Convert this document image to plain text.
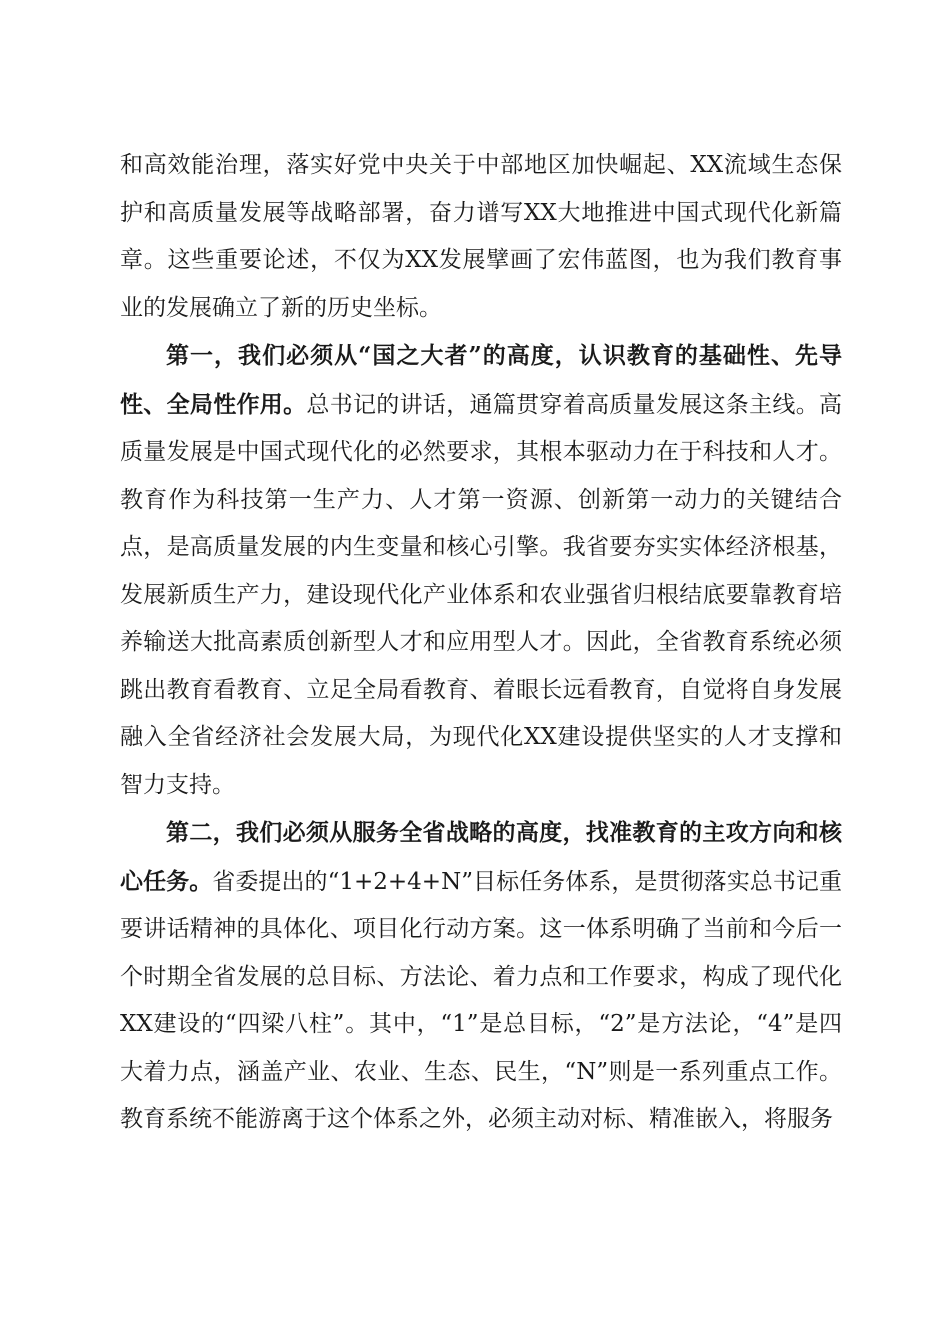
和高效能治理，落实好党中央关于中部地区加快崛起、XX流域生态保护和高质量发展等战略部署，奋力谱写XX大地推进中国式现代化新篇章。这些重要论述，不仅为XX发展擘画了宏伟蓝图，也为我们教育事业的发展确立了新的历史坐标。

第一，我们必须从“国之大者”的高度，认识教育的基础性、先导性、全局性作用。总书记的讲话，通篇贯穿着高质量发展这条主线。高质量发展是中国式现代化的必然要求，其根本驱动力在于科技和人才。教育作为科技第一生产力、人才第一资源、创新第一动力的关键结合点，是高质量发展的内生变量和核心引擎。我省要夯实实体经济根基，发展新质生产力，建设现代化产业体系和农业强省归根结底要靠教育培养输送大批高素质创新型人才和应用型人才。因此，全省教育系统必须跳出教育看教育、立足全局看教育、着眼长远看教育，自觉将自身发展融入全省经济社会发展大局，为现代化XX建设提供坚实的人才支撑和智力支持。

第二，我们必须从服务全省战略的高度，找准教育的主攻方向和核心任务。省委提出的“1+2+4+N”目标任务体系，是贯彻落实总书记重要讲话精神的具体化、项目化行动方案。这一体系明确了当前和今后一个时期全省发展的总目标、方法论、着力点和工作要求，构成了现代化XX建设的“四梁八柱”。其中，“1”是总目标，“2”是方法论，“4”是四大着力点，涵盖产业、农业、生态、民生，“N”则是一系列重点工作。教育系统不能游离于这个体系之外，必须主动对标、精准嵌入，将服务
